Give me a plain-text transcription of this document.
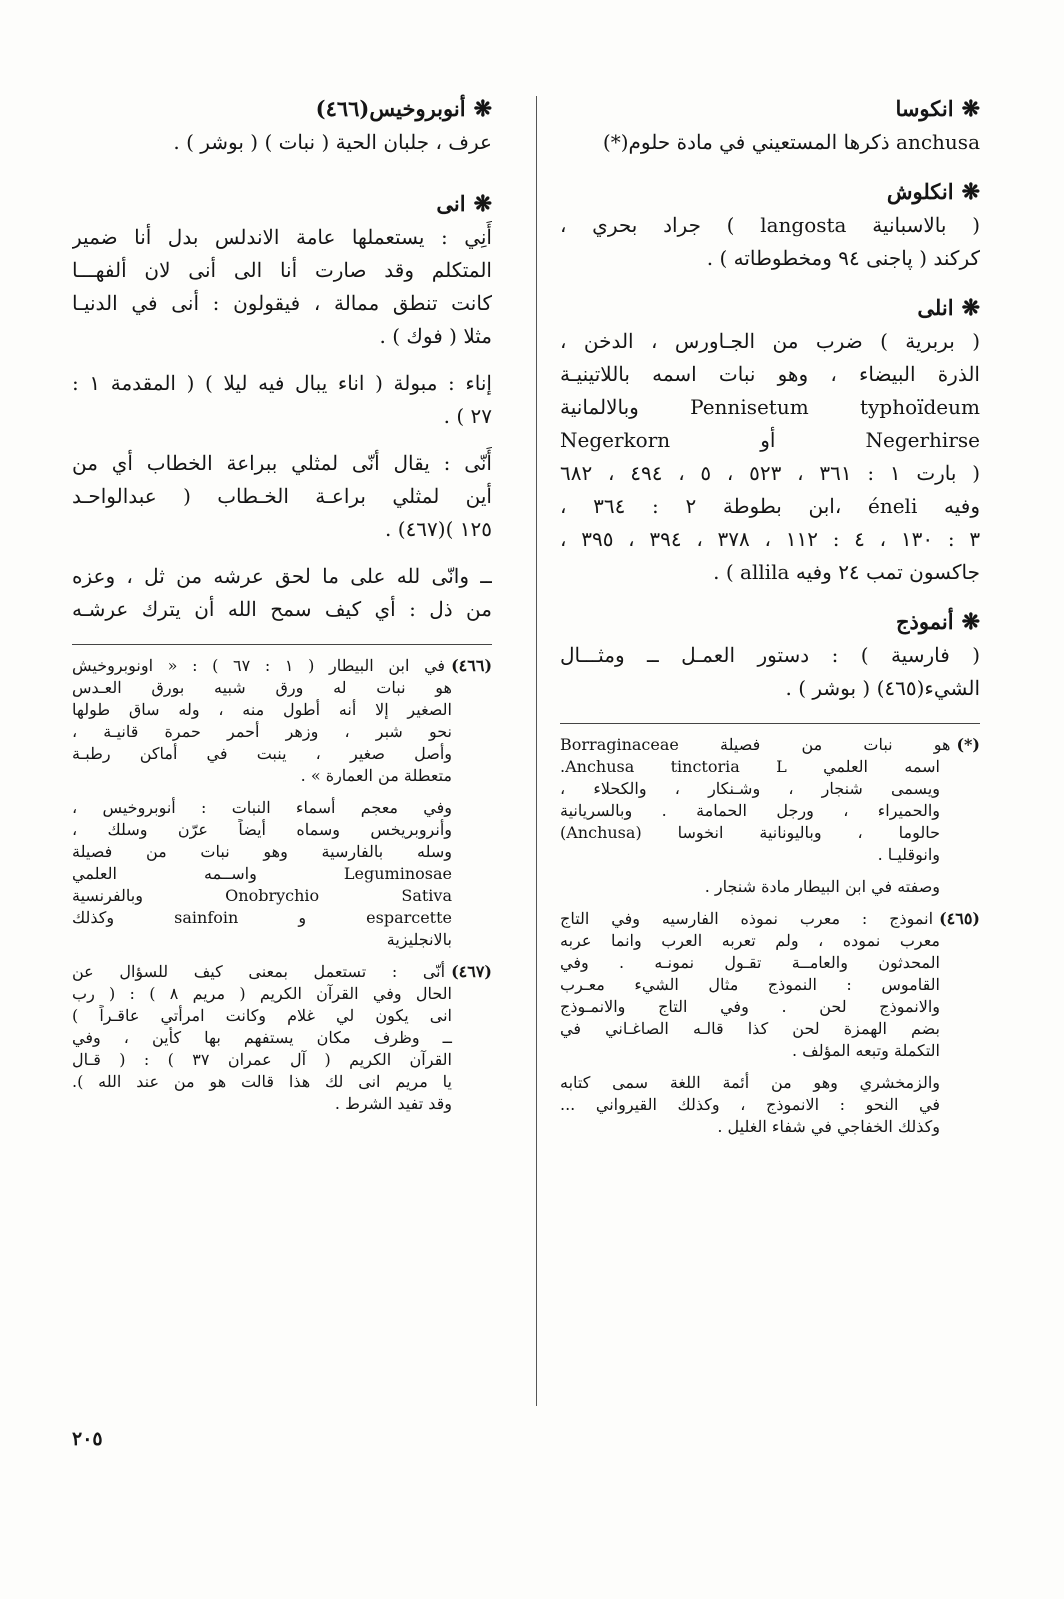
❋انكوسا
anchusa ذكرها المستعيني في مادة حلوم(*)
❋انكلوش
( بالاسبانية langosta ) جراد بحري ،
كركند ( پاجنى ٩٤ ومخطوطاته ) .
❋انلى
( بربرية ) ضرب من الجـاورس ، الدخن ،
الذرة البيضاء ، وهو نبات اسمه باللاتينيـة
Pennisetum typhoïdeum وبالالمانية
Negerhirse أو Negerkorn
( بارت ١ : ٣٦١ ، ٥٢٣ ، ٥ ، ٤٩٤ ، ٦٨٢
وفيه éneli ،ابن بطوطة ٢ : ٣٦٤ ،
٣ : ١٣٠ ، ٤ : ١١٢ ، ٣٧٨ ، ٣٩٤ ، ٣٩٥ ،
جاكسون تمب ٢٤ وفيه allila ) .
❋أنموذج
( فارسية ) : دستور العمـل ــ ومثـــال
الشيء(٤٦٥) ( بوشر ) .
(*)هو نبات من فصيلة Borraginaceae
اسمه العلمي Anchusa tinctoria L.
ويسمى شنجار ، وشـنكار ، والكحلاء ،
والحميراء ، ورجل الحمامة . وبالسريانية
حالوما ، وباليونانية انخوسا (Anchusa)
وانوقليـا .
وصفته في ابن البيطار مادة شنجار .
(٤٦٥)انموذج : معرب نموذه الفارسيه وفي التاج
معرب نموده ، ولم تعربه العرب وانما عربه
المحدثون والعامــة تقـول نمونـه . وفي
القاموس : النموذج مثال الشيء معـرب
والانموذج لحن . وفي التاج والانمـوذج
بضم الهمزة لحن كذا قالـه الصاغـاني في
التكملة وتبعه المؤلف .
والزمخشري وهو من أئمة اللغة سمى كتابه
في النحو : الانموذج ، وكذلك القيرواني ...
وكذلك الخفاجي في شفاء الغليل .
❋أنوبروخيس(٤٦٦)
عرف ، جلبان الحية ( نبات ) ( بوشر ) .
❋انى
أَنِي : يستعملها عامة الاندلس بدل أنا ضمير
المتكلم وقد صارت أنا الى أنى لان ألفهـــا
كانت تنطق ممالة ، فيقولون : أنى في الدنيـا
مثلا ( فوك ) .
إناء : مبولة ( اناء يبال فيه ليلا ) ( المقدمة ١ :
٢٧ ) .
أَنّى : يقال أنّى لمثلي ببراعة الخطاب أي من
أين لمثلي براعـة الخـطاب ( عبدالواحـد
١٢٥ )(٤٦٧) .
ــ وانّى لله على ما لحق عرشه من ثل ، وعزه
من ذل : أي كيف سمح الله أن يترك عرشـه
(٤٦٦)في ابن البيطار ( ١ : ٦٧ ) : « اونوبروخيش
هو نبات له ورق شبيه بورق العـدس
الصغير إلا أنه أطول منه ، وله ساق طولها
نحو شبر ، وزهر أحمر حمرة قانيـة ،
وأصل صغير ، ينبت في أماكن رطبـة
متعطلة من العمارة » .
وفي معجم أسماء النبات : أنوبروخيس ،
وأنروبريخس وسماه أيضاً عرّن وسلك ،
وسله بالفارسية وهو نبات من فصيلة
Leguminosae واســمه العلمي
Onobrychio Sativa وبالفرنسية
esparcette و sainfoin وكذلك
بالانجليزية
(٤٦٧)أنّى : تستعمل بمعنى كيف للسؤال عن
الحال وفي القرآن الكريم ( مريم ٨ ) : ( رب
انى يكون لي غلام وكانت امرأتي عاقـراً )
ــ وظرف مكان يستفهم بها كأين ، وفي
القرآن الكريم ( آل عمران ٣٧ ) : ( قـال
يا مريم انى لك هذا قالت هو من عند الله ).
وقد تفيد الشرط .
٢٠٥
